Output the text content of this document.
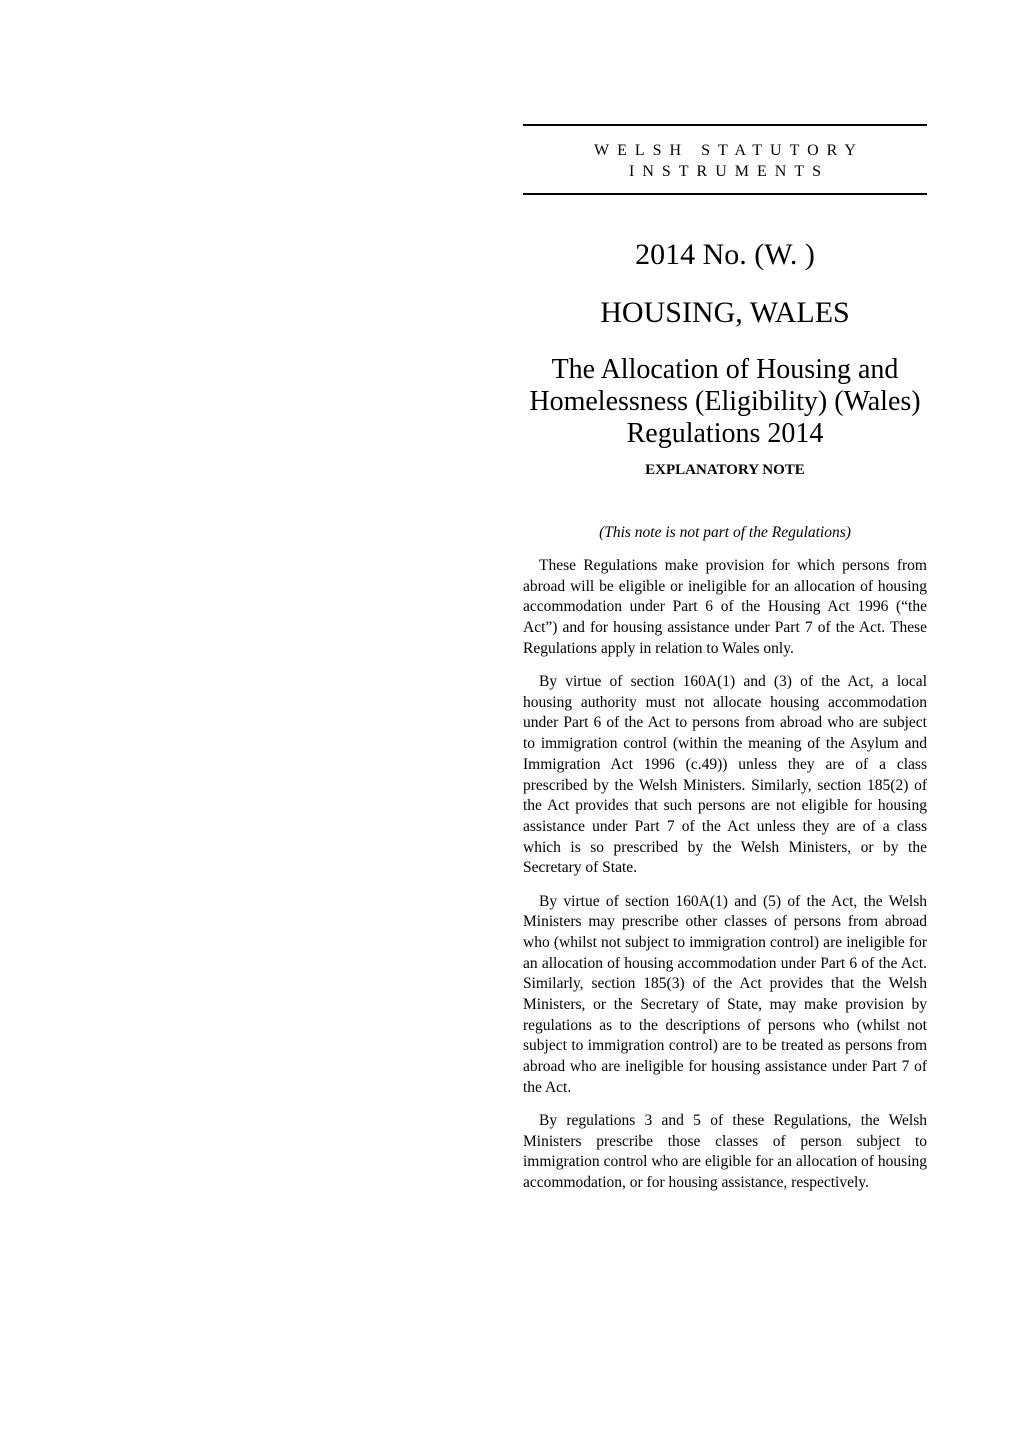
WELSH STATUTORY
INSTRUMENTS
2014 No. (W. )
HOUSING, WALES
The Allocation of Housing and
Homelessness (Eligibility) (Wales)
Regulations 2014
EXPLANATORY NOTE
(This note is not part of the Regulations)

These Regulations make provision for which persons from abroad will be eligible or ineligible for an allocation of housing accommodation under Part 6 of the Housing Act 1996 (“the Act”) and for housing assistance under Part 7 of the Act. These Regulations apply in relation to Wales only.

By virtue of section 160A(1) and (3) of the Act, a local housing authority must not allocate housing accommodation under Part 6 of the Act to persons from abroad who are subject to immigration control (within the meaning of the Asylum and Immigration Act 1996 (c.49)) unless they are of a class prescribed by the Welsh Ministers. Similarly, section 185(2) of the Act provides that such persons are not eligible for housing assistance under Part 7 of the Act unless they are of a class which is so prescribed by the Welsh Ministers, or by the Secretary of State.

By virtue of section 160A(1) and (5) of the Act, the Welsh Ministers may prescribe other classes of persons from abroad who (whilst not subject to immigration control) are ineligible for an allocation of housing accommodation under Part 6 of the Act. Similarly, section 185(3) of the Act provides that the Welsh Ministers, or the Secretary of State, may make provision by regulations as to the descriptions of persons who (whilst not subject to immigration control) are to be treated as persons from abroad who are ineligible for housing assistance under Part 7 of the Act.

By regulations 3 and 5 of these Regulations, the Welsh Ministers prescribe those classes of person subject to immigration control who are eligible for an allocation of housing accommodation, or for housing assistance, respectively.
